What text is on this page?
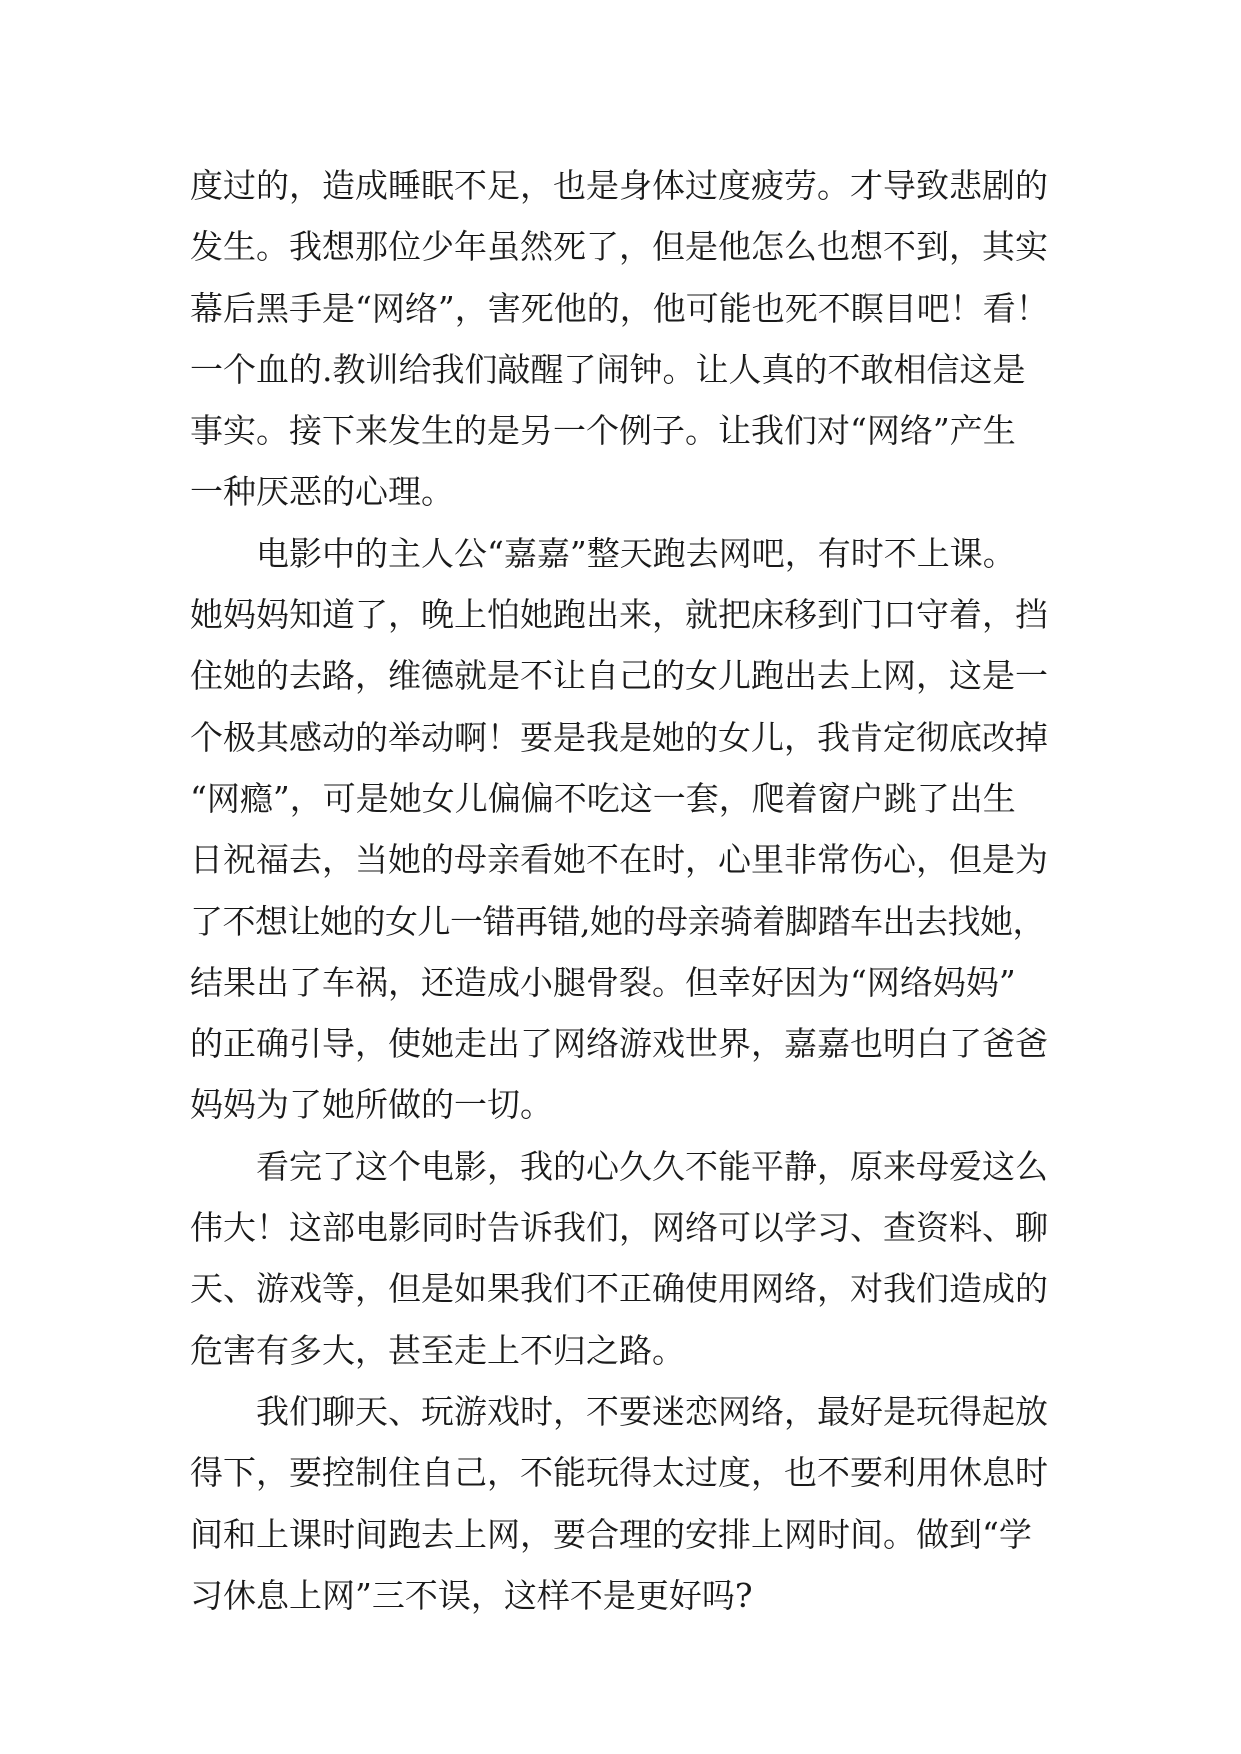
度过的，造成睡眠不足，也是身体过度疲劳。才导致悲剧的
发生。我想那位少年虽然死了，但是他怎么也想不到，其实
幕后黑手是“网络”，害死他的，他可能也死不瞑目吧！看！
一个血的.教训给我们敲醒了闹钟。让人真的不敢相信这是
事实。接下来发生的是另一个例子。让我们对“网络”产生
一种厌恶的心理。
电影中的主人公“嘉嘉”整天跑去网吧，有时不上课。
她妈妈知道了，晚上怕她跑出来，就把床移到门口守着，挡
住她的去路，维德就是不让自己的女儿跑出去上网，这是一
个极其感动的举动啊！要是我是她的女儿，我肯定彻底改掉
“网瘾”，可是她女儿偏偏不吃这一套，爬着窗户跳了出生
日祝福去，当她的母亲看她不在时，心里非常伤心，但是为
了不想让她的女儿一错再错,她的母亲骑着脚踏车出去找她，
结果出了车祸，还造成小腿骨裂。但幸好因为“网络妈妈”
的正确引导，使她走出了网络游戏世界，嘉嘉也明白了爸爸
妈妈为了她所做的一切。
看完了这个电影，我的心久久不能平静，原来母爱这么
伟大！这部电影同时告诉我们，网络可以学习、查资料、聊
天、游戏等，但是如果我们不正确使用网络，对我们造成的
危害有多大，甚至走上不归之路。
我们聊天、玩游戏时，不要迷恋网络，最好是玩得起放
得下，要控制住自己，不能玩得太过度，也不要利用休息时
间和上课时间跑去上网，要合理的安排上网时间。做到“学
习休息上网”三不误，这样不是更好吗?
